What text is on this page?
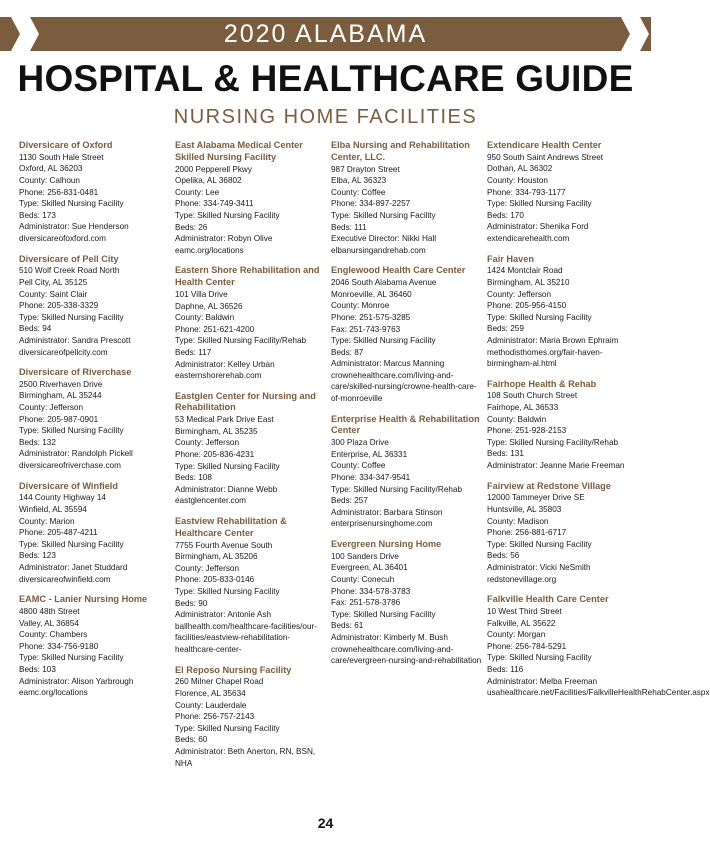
2020 ALABAMA
HOSPITAL & HEALTHCARE GUIDE
NURSING HOME FACILITIES
Diversicare of Oxford
1130 South Hale Street
Oxford, AL 36203
County: Calhoun
Phone: 256-831-0481
Type: Skilled Nursing Facility
Beds: 173
Administrator: Sue Henderson
diversicareofoxford.com
Diversicare of Pell City
510 Wolf Creek Road North
Pell City, AL 35125
County: Saint Clair
Phone: 205-338-3329
Type: Skilled Nursing Facility
Beds: 94
Administrator: Sandra Prescott
diversicareofpellcity.com
Diversicare of Riverchase
2500 Riverhaven Drive
Birmingham, AL 35244
County: Jefferson
Phone: 205-987-0901
Type: Skilled Nursing Facility
Beds: 132
Administrator: Randolph Pickell
diversicareofriverchase.com
Diversicare of Winfield
144 County Highway 14
Winfield, AL 35594
County: Marion
Phone: 205-487-4211
Type: Skilled Nursing Facility
Beds: 123
Administrator: Janet Studdard
diversicareofwinfield.com
EAMC - Lanier Nursing Home
4800 48th Street
Valley, AL 36854
County: Chambers
Phone: 334-756-9180
Type: Skilled Nursing Facility
Beds: 103
Administrator: Alison Yarbrough
eamc.org/locations
East Alabama Medical Center Skilled Nursing Facility
2000 Pepperell Pkwy
Opelika, AL 36802
County: Lee
Phone: 334-749-3411
Type: Skilled Nursing Facility
Beds: 26
Administrator: Robyn Olive
eamc.org/locations
Eastern Shore Rehabilitation and Health Center
101 Villa Drive
Daphne, AL 36526
County: Baldwin
Phone: 251-621-4200
Type: Skilled Nursing Facility/Rehab
Beds: 117
Administrator: Kelley Urban
easternshorerehab.com
Eastglen Center for Nursing and Rehabilitation
53 Medical Park Drive East
Birmingham, AL 35235
County: Jefferson
Phone: 205-836-4231
Type: Skilled Nursing Facility
Beds: 108
Administrator: Dianne Webb
eastglencenter.com
Eastview Rehabilitation & Healthcare Center
7755 Fourth Avenue South
Birmingham, AL 35206
County: Jefferson
Phone: 205-833-0146
Type: Skilled Nursing Facility
Beds: 90
Administrator: Antonie Ash
ballhealth.com/healthcare-facilities/our-facilities/eastview-rehabilitation-healthcare-center-
El Reposo Nursing Facility
260 Milner Chapel Road
Florence, AL 35634
County: Lauderdale
Phone: 256-757-2143
Type: Skilled Nursing Facility
Beds: 60
Administrator: Beth Anerton, RN, BSN, NHA
Elba Nursing and Rehabilitation Center, LLC.
987 Drayton Street
Elba, AL 36323
County: Coffee
Phone: 334-897-2257
Type: Skilled Nursing Facility
Beds: 111
Executive Director: Nikki Hall
elbanursingandrehab.com
Englewood Health Care Center
2046 South Alabama Avenue
Monroeville, AL 36460
County: Monroe
Phone: 251-575-3285
Fax: 251-743-9763
Type: Skilled Nursing Facility
Beds: 87
Administrator: Marcus Manning
crownehealthcare.com/living-and-care/skilled-nursing/crowne-health-care-of-monroeville
Enterprise Health & Rehabilitation Center
300 Plaza Drive
Enterprise, AL 36331
County: Coffee
Phone: 334-347-9541
Type: Skilled Nursing Facility/Rehab
Beds: 257
Administrator: Barbara Stinson
enterprisenursinghome.com
Evergreen Nursing Home
100 Sanders Drive
Evergreen, AL 36401
County: Conecuh
Phone: 334-578-3783
Fax: 251-578-3786
Type: Skilled Nursing Facility
Beds: 61
Administrator: Kimberly M. Bush
crownehealthcare.com/living-and-care/evergreen-nursing-and-rehabilitation
Extendicare Health Center
950 South Saint Andrews Street
Dothan, AL 36302
County: Houston
Phone: 334-793-1177
Type: Skilled Nursing Facility
Beds: 170
Administrator: Shenika Ford
extendicarehealth.com
Fair Haven
1424 Montclair Road
Birmingham, AL 35210
County: Jefferson
Phone: 205-956-4150
Type: Skilled Nursing Facility
Beds: 259
Administrator: Maria Brown Ephraim
methodisthomes.org/fair-haven-birmingham-al.html
Fairhope Health & Rehab
108 South Church Street
Fairhope, AL 36533
County: Baldwin
Phone: 251-928-2153
Type: Skilled Nursing Facility/Rehab
Beds: 131
Administrator: Jeanne Marie Freeman
Fairview at Redstone Village
12000 Tammeyer Drive SE
Huntsville, AL 35803
County: Madison
Phone: 256-881-6717
Type: Skilled Nursing Facility
Beds: 56
Administrator: Vicki NeSmith
redstonevillage.org
Falkville Health Care Center
10 West Third Street
Falkville, AL 35622
County: Morgan
Phone: 256-784-5291
Type: Skilled Nursing Facility
Beds: 116
Administrator: Melba Freeman
usahealthcare.net/Facilities/FalkvilleHealthRehabCenter.aspx
24
